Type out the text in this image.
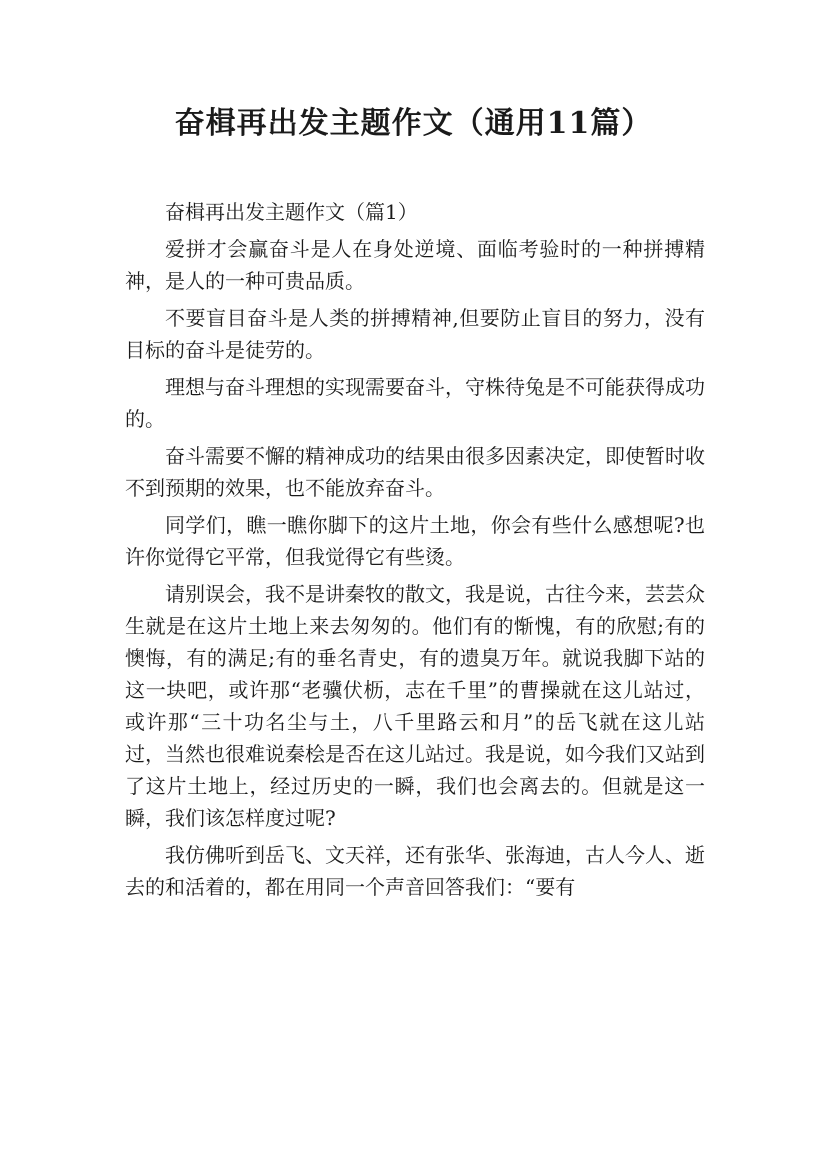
奋楫再出发主题作文（通用11篇）

奋楫再出发主题作文（篇1）

爱拼才会赢奋斗是人在身处逆境、面临考验时的一种拼搏精神，是人的一种可贵品质。

不要盲目奋斗是人类的拼搏精神,但要防止盲目的努力，没有目标的奋斗是徒劳的。

理想与奋斗理想的实现需要奋斗，守株待兔是不可能获得成功的。

奋斗需要不懈的精神成功的结果由很多因素决定，即使暂时收不到预期的效果，也不能放弃奋斗。

同学们，瞧一瞧你脚下的这片土地，你会有些什么感想呢?也许你觉得它平常，但我觉得它有些烫。

请别误会，我不是讲秦牧的散文，我是说，古往今来，芸芸众生就是在这片土地上来去匆匆的。他们有的惭愧，有的欣慰;有的懊悔，有的满足;有的垂名青史，有的遗臭万年。就说我脚下站的这一块吧，或许那“老骥伏枥，志在千里”的曹操就在这儿站过，或许那“三十功名尘与土，八千里路云和月”的岳飞就在这儿站过，当然也很难说秦桧是否在这儿站过。我是说，如今我们又站到了这片土地上，经过历史的一瞬，我们也会离去的。但就是这一瞬，我们该怎样度过呢?

我仿佛听到岳飞、文天祥，还有张华、张海迪，古人今人、逝去的和活着的，都在用同一个声音回答我们：“要有
